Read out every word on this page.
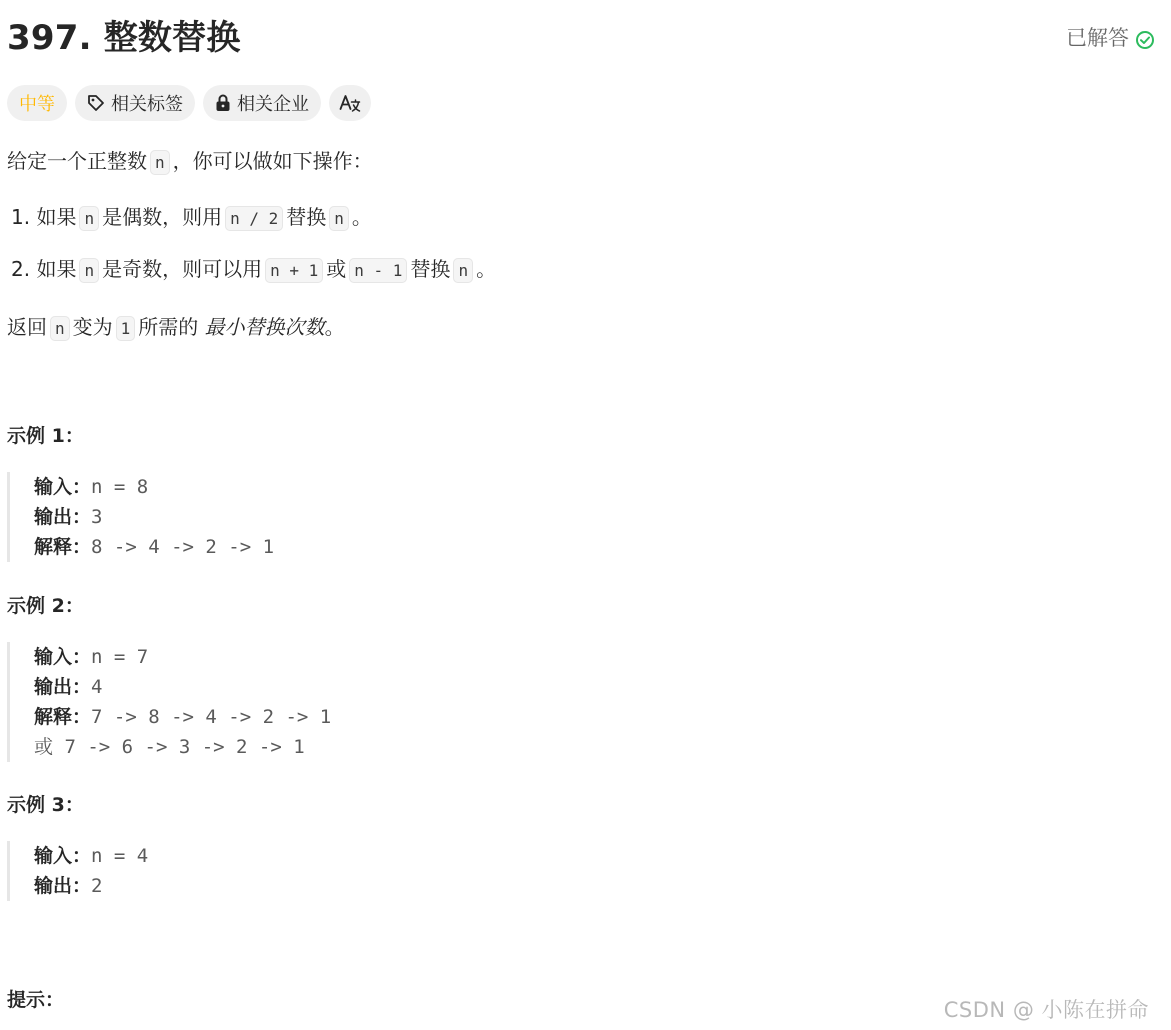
397. 整数替换	已解答
中等	相关标签	相关企业

给定一个正整数 n ，你可以做如下操作：

1. 如果 n 是偶数，则用 n / 2 替换 n 。
2. 如果 n 是奇数，则可以用 n + 1 或 n - 1 替换 n 。

返回 n 变为 1 所需的 最小替换次数。

示例 1：
输入：n = 8
输出：3
解释：8 -> 4 -> 2 -> 1
示例 2：
输入：n = 7
输出：4
解释：7 -> 8 -> 4 -> 2 -> 1
或 7 -> 6 -> 3 -> 2 -> 1
示例 3：
输入：n = 4
输出：2
提示：	CSDN @ 小陈在拼命
